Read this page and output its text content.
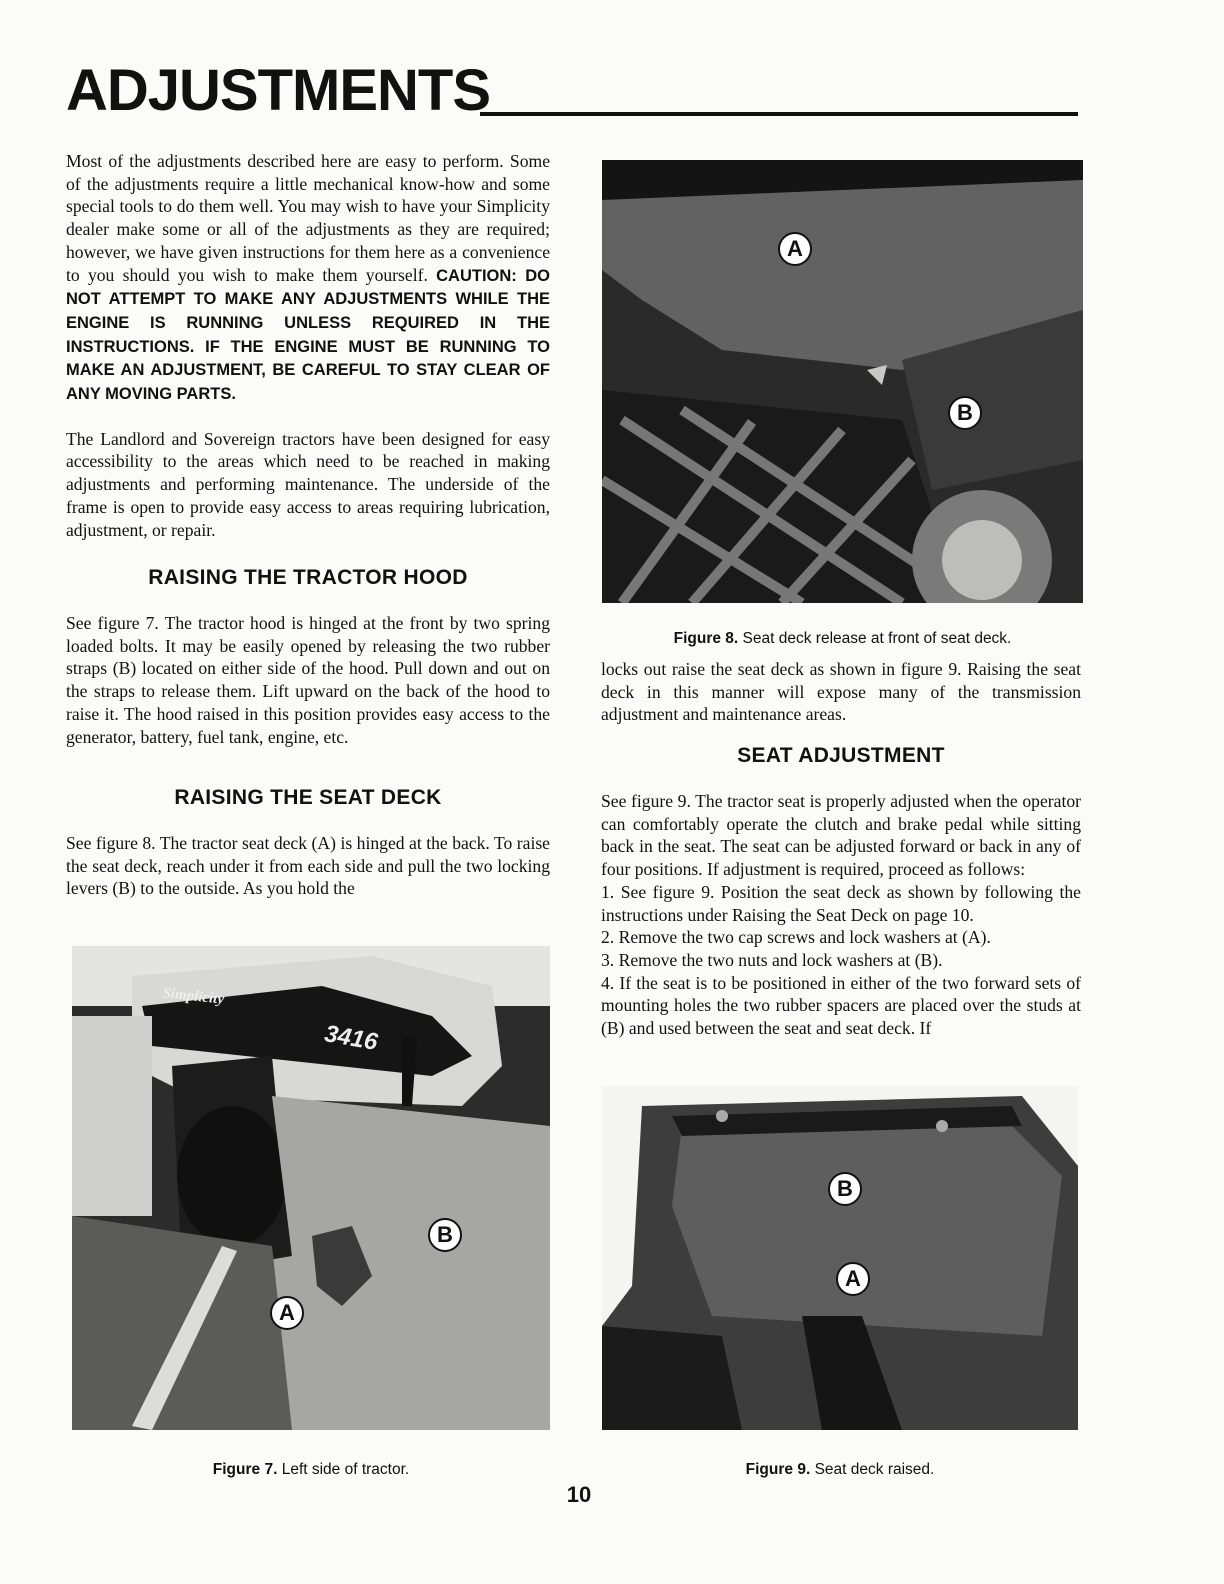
ADJUSTMENTS

Most of the adjustments described here are easy to perform. Some of the adjustments require a little mechanical know-how and some special tools to do them well. You may wish to have your Simplicity dealer make some or all of the adjustments as they are required; however, we have given instructions for them here as a convenience to you should you wish to make them yourself. CAUTION: DO NOT ATTEMPT TO MAKE ANY ADJUSTMENTS WHILE THE ENGINE IS RUNNING UNLESS REQUIRED IN THE INSTRUCTIONS. IF THE ENGINE MUST BE RUNNING TO MAKE AN ADJUSTMENT, BE CAREFUL TO STAY CLEAR OF ANY MOVING PARTS.

The Landlord and Sovereign tractors have been designed for easy accessibility to the areas which need to be reached in making adjustments and performing maintenance. The underside of the frame is open to provide easy access to areas requiring lubrication, adjustment, or repair.

RAISING THE TRACTOR HOOD

See figure 7. The tractor hood is hinged at the front by two spring loaded bolts. It may be easily opened by releasing the two rubber straps (B) located on either side of the hood. Pull down and out on the straps to release them. Lift upward on the back of the hood to raise it. The hood raised in this position provides easy access to the generator, battery, fuel tank, engine, etc.

RAISING THE SEAT DECK

See figure 8. The tractor seat deck (A) is hinged at the back. To raise the seat deck, reach under it from each side and pull the two locking levers (B) to the outside. As you hold the

B
A
Simplicity
3416

Figure 7. Left side of tractor.

A
B

Figure 8. Seat deck release at front of seat deck.

locks out raise the seat deck as shown in figure 9. Raising the seat deck in this manner will expose many of the transmission adjustment and maintenance areas.

SEAT ADJUSTMENT

See figure 9. The tractor seat is properly adjusted when the operator can comfortably operate the clutch and brake pedal while sitting back in the seat. The seat can be adjusted forward or back in any of four positions. If adjustment is required, proceed as follows:

1. See figure 9. Position the seat deck as shown by following the instructions under Raising the Seat Deck on page 10.

2. Remove the two cap screws and lock washers at (A).

3. Remove the two nuts and lock washers at (B).

4. If the seat is to be positioned in either of the two forward sets of mounting holes the two rubber spacers are placed over the studs at (B) and used between the seat and seat deck. If

B
A

Figure 9. Seat deck raised.

10
